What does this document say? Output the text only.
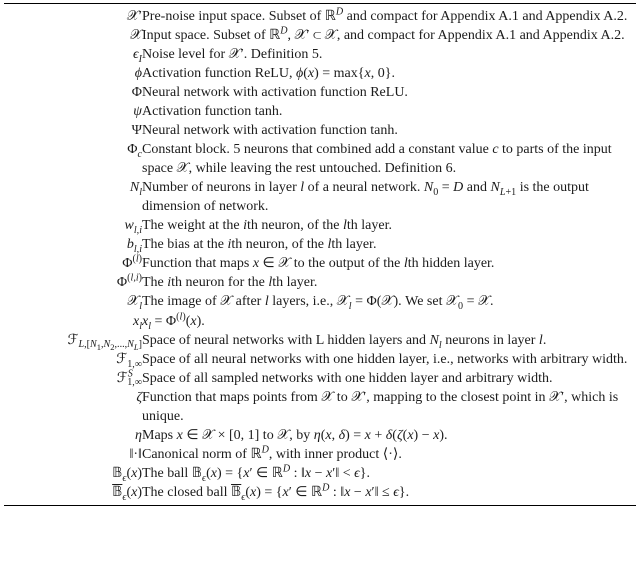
𝒳′	Pre-noise input space. Subset of ℝ$^D$ and compact for Appendix A.1 and Appendix A.2.
𝒳	Input space. Subset of ℝ$^D$, 𝒳′ ⊂ 𝒳, and compact for Appendix A.1 and Appendix A.2.
$\epsilon_I$	Noise level for 𝒳′. Definition 5.
ϕ	Activation function ReLU, ϕ(x) = max{x, 0}.
Φ	Neural network with activation function ReLU.
ψ	Activation function tanh.
Ψ	Neural network with activation function tanh.
$\Phi_c$	Constant block. 5 neurons that combined add a constant value c to parts of the input space 𝒳, while leaving the rest untouched. Definition 6.
$N_l$	Number of neurons in layer l of a neural network. $N_0 = D$ and $N_{L+1}$ is the output dimension of network.
$w_{l,i}$	The weight at the ith neuron, of the lth layer.
$b_{l,i}$	The bias at the ith neuron, of the lth layer.
$\Phi^{(l)}$	Function that maps x ∈ 𝒳 to the output of the lth hidden layer.
Φ$^{(l,i)}$	The ith neuron for the lth layer.
𝒳$_l$	The image of 𝒳 after l layers, i.e., 𝒳$_l$ = Φ(𝒳). We set 𝒳$_0$ = 𝒳.
$x_l$	$x_l = \Phi^{(l)}(x)$.
ℱ$_{L,[N_1,N_2,...,N_L]}$	Space of neural networks with L hidden layers and $N_l$ neurons in layer l.
ℱ$_{1,\infty}$	Space of all neural networks with one hidden layer, i.e., networks with arbitrary width.
ℱ$^S_{1,\infty}$	Space of all sampled networks with one hidden layer and arbitrary width.
ζ	Function that maps points from 𝒳 to 𝒳′, mapping to the closest point in 𝒳′, which is unique.
η	Maps x ∈ 𝒳 × [0, 1] to 𝒳, by η(x, δ) = x + δ(ζ(x) − x).
‖·‖	Canonical norm of ℝ$^D$, with inner product ⟨·⟩.
𝔹$_\epsilon$(x)	The ball 𝔹$_\epsilon$(x) = {x′ ∈ ℝ$^D$ : ‖x − x′‖ < ϵ}.
𝔹$_\epsilon$(x)	The closed ball 𝔹$_\epsilon$(x) = {x′ ∈ ℝ$^D$ : ‖x − x′‖ ≤ ϵ}.
